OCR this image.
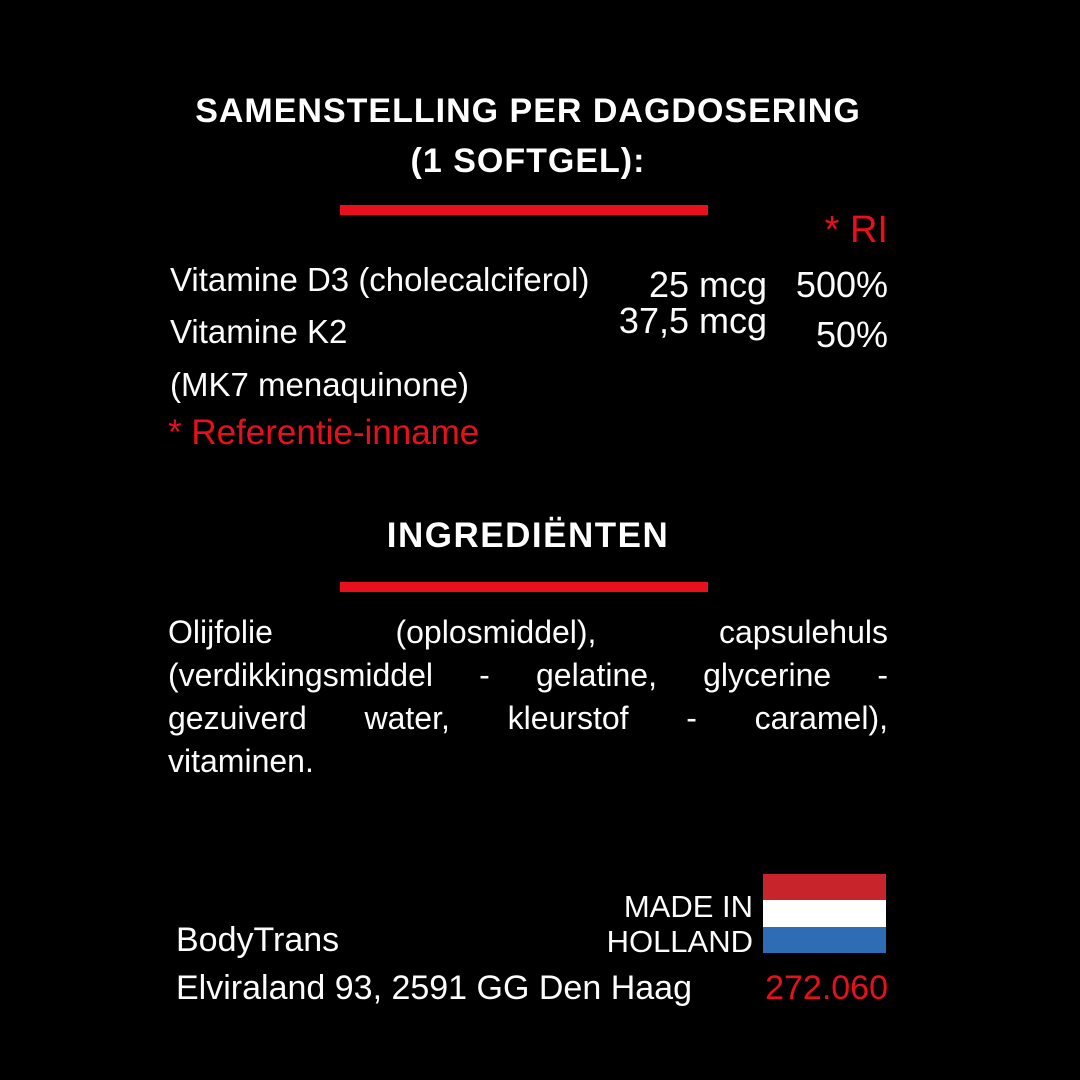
SAMENSTELLING PER DAGDOSERING
(1 SOFTGEL):
* RI
Vitamine D3 (cholecalciferol) 25 mcg 500%
Vitamine K2	37,5 mcg 50%
(MK7 menaquinone)
* Referentie-inname
INGREDIËNTEN
Olijfolie (oplosmiddel), capsulehuls
(verdikkingsmiddel - gelatine, glycerine -
gezuiverd water, kleurstof - caramel),
vitaminen.
BodyTrans
Elviraland 93, 2591 GG Den Haag
MADE IN
HOLLAND
272.060
